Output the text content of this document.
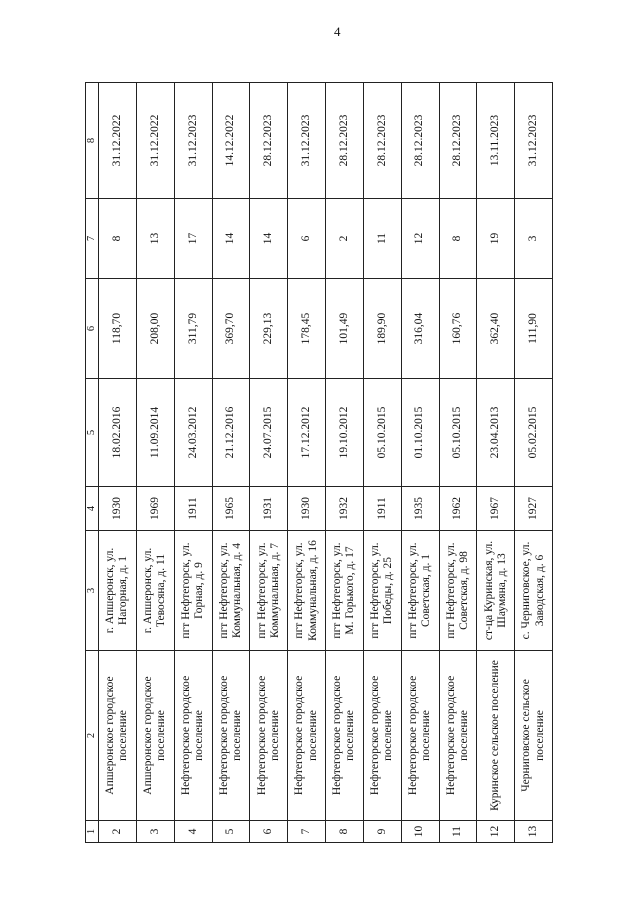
4
1	2	3	4	5	6	7	8
2	Апшеронское городское поселение	г. Апшеронск, ул. Нагорная, д. 1	1930	18.02.2016	118,70	8	31.12.2022
3	Апшеронское городское поселение	г. Апшеронск, ул. Тевосяна, д. 11	1969	11.09.2014	208,00	13	31.12.2022
4	Нефтегорское городское поселение	пгт Нефтегорск, ул. Горная, д. 9	1911	24.03.2012	311,79	17	31.12.2023
5	Нефтегорское городское поселение	пгт Нефтегорск, ул. Коммунальная, д. 4	1965	21.12.2016	369,70	14	14.12.2022
6	Нефтегорское городское поселение	пгт Нефтегорск, ул. Коммунальная, д. 7	1931	24.07.2015	229,13	14	28.12.2023
7	Нефтегорское городское поселение	пгт Нефтегорск, ул. Коммунальная, д. 16	1930	17.12.2012	178,45	6	31.12.2023
8	Нефтегорское городское поселение	пгт Нефтегорск, ул. М. Горького, д. 17	1932	19.10.2012	101,49	2	28.12.2023
9	Нефтегорское городское поселение	пгт Нефтегорск, ул. Победы, д. 25	1911	05.10.2015	189,90	11	28.12.2023
10	Нефтегорское городское поселение	пгт Нефтегорск, ул. Советская, д. 1	1935	01.10.2015	316,04	12	28.12.2023
11	Нефтегорское городское поселение	пгт Нефтегорск, ул. Советская, д. 98	1962	05.10.2015	160,76	8	28.12.2023
12	Куринское сельское поселение	ст-ца Куринская, ул. Шаумяна, д. 13	1967	23.04.2013	362,40	19	13.11.2023
13	Черниговское сельское поселение	с. Черниговское, ул. Заводская, д. 6	1927	05.02.2015	111,90	3	31.12.2023
